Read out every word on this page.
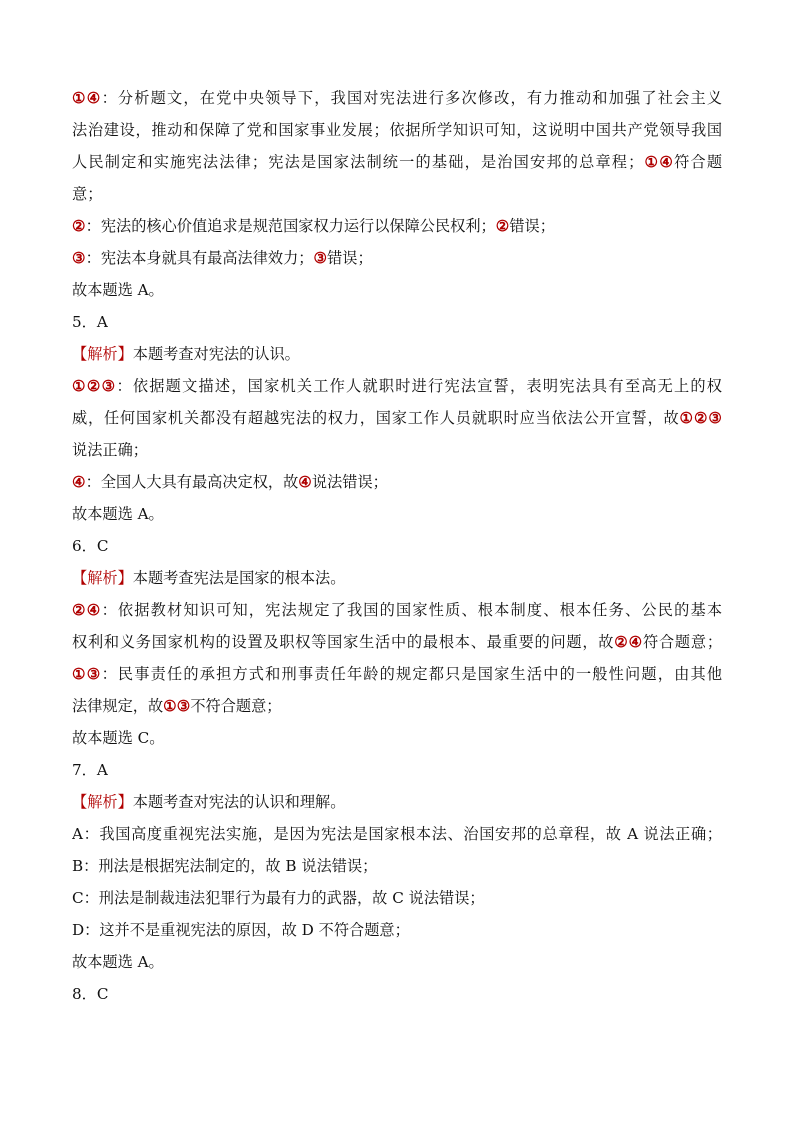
①④：分析题文，在党中央领导下，我国对宪法进行多次修改，有力推动和加强了社会主义
法治建设，推动和保障了党和国家事业发展；依据所学知识可知，这说明中国共产党领导我国
人民制定和实施宪法法律；宪法是国家法制统一的基础，是治国安邦的总章程；①④符合题
意；
②：宪法的核心价值追求是规范国家权力运行以保障公民权利；②错误；
③：宪法本身就具有最高法律效力；③错误；
故本题选 A。
5．A
【解析】本题考查对宪法的认识。
①②③：依据题文描述，国家机关工作人就职时进行宪法宣誓，表明宪法具有至高无上的权
威，任何国家机关都没有超越宪法的权力，国家工作人员就职时应当依法公开宣誓，故①②③
说法正确；
④：全国人大具有最高决定权，故④说法错误；
故本题选 A。
6．C
【解析】本题考查宪法是国家的根本法。
②④：依据教材知识可知，宪法规定了我国的国家性质、根本制度、根本任务、公民的基本
权利和义务国家机构的设置及职权等国家生活中的最根本、最重要的问题，故②④符合题意；
①③：民事责任的承担方式和刑事责任年龄的规定都只是国家生活中的一般性问题，由其他
法律规定，故①③不符合题意；
故本题选 C。
7．A
【解析】本题考查对宪法的认识和理解。
A：我国高度重视宪法实施，是因为宪法是国家根本法、治国安邦的总章程，故 A 说法正确；
B：刑法是根据宪法制定的，故 B 说法错误；
C：刑法是制裁违法犯罪行为最有力的武器，故 C 说法错误；
D：这并不是重视宪法的原因，故 D 不符合题意；
故本题选 A。
8．C
